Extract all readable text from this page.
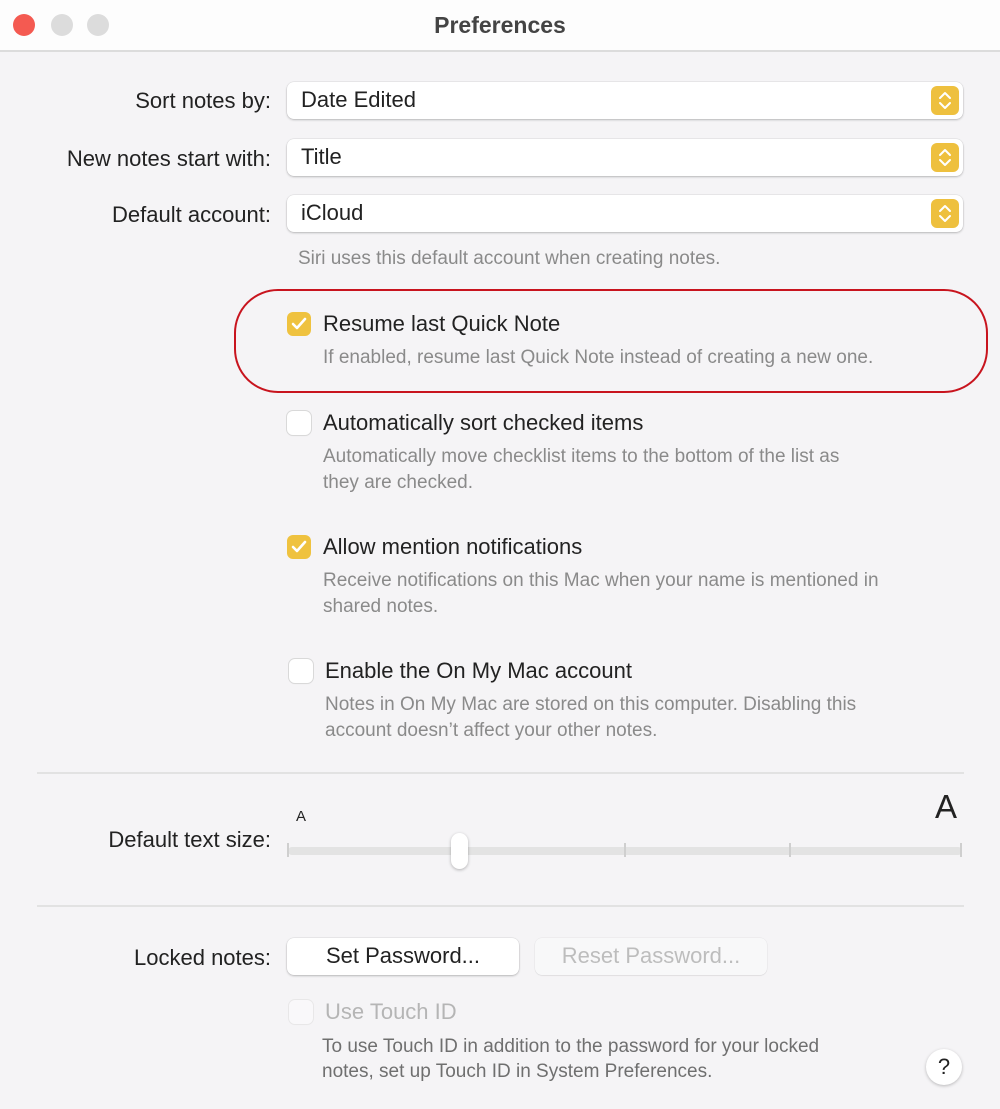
Preferences
Sort notes by: Date Edited
New notes start with: Title
Default account: iCloud
Siri uses this default account when creating notes.
Resume last Quick Note
If enabled, resume last Quick Note instead of creating a new one.
Automatically sort checked items
Automatically move checklist items to the bottom of the list as
they are checked.
Allow mention notifications
Receive notifications on this Mac when your name is mentioned in
shared notes.
Enable the On My Mac account
Notes in On My Mac are stored on this computer. Disabling this
account doesn’t affect your other notes.
A	A
Default text size:
Locked notes:	Set Password...	Reset Password...
Use Touch ID
To use Touch ID in addition to the password for your locked
notes, set up Touch ID in System Preferences.	?
